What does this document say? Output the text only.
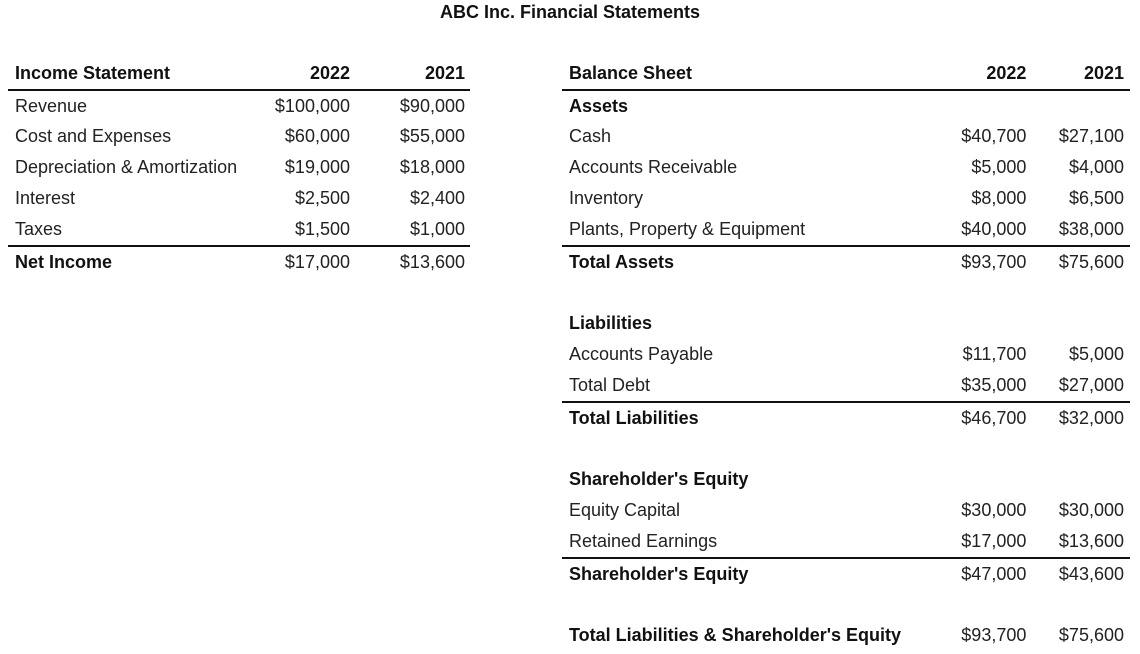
ABC Inc. Financial Statements
Income Statement	2022	2021
Revenue	$100,000	$90,000
Cost and Expenses	$60,000	$55,000
Depreciation & Amortization	$19,000	$18,000
Interest	$2,500	$2,400
Taxes	$1,500	$1,000
Net Income	$17,000	$13,600
Balance Sheet	2022	2021
Assets		
Cash	$40,700	$27,100
Accounts Receivable	$5,000	$4,000
Inventory	$8,000	$6,500
Plants, Property & Equipment	$40,000	$38,000
Total Assets	$93,700	$75,600

Liabilities		
Accounts Payable	$11,700	$5,000
Total Debt	$35,000	$27,000
Total Liabilities	$46,700	$32,000

Shareholder's Equity		
Equity Capital	$30,000	$30,000
Retained Earnings	$17,000	$13,600
Shareholder's Equity	$47,000	$43,600

Total Liabilities & Shareholder's Equity	$93,700	$75,600
